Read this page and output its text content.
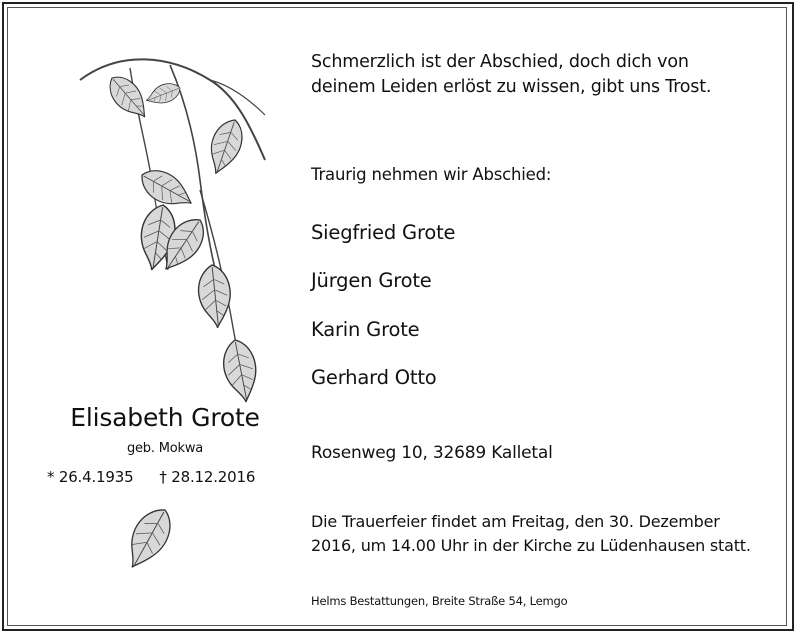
Elisabeth Grote
geb. Mokwa
* 26.4.1935 † 28.12.2016
Schmerzlich ist der Abschied, doch dich von
deinem Leiden erlöst zu wissen, gibt uns Trost.
Traurig nehmen wir Abschied:
Siegfried Grote
Jürgen Grote
Karin Grote
Gerhard Otto
Rosenweg 10, 32689 Kalletal
Die Trauerfeier findet am Freitag, den 30. Dezember
2016, um 14.00 Uhr in der Kirche zu Lüdenhausen statt.
Helms Bestattungen, Breite Straße 54, Lemgo
